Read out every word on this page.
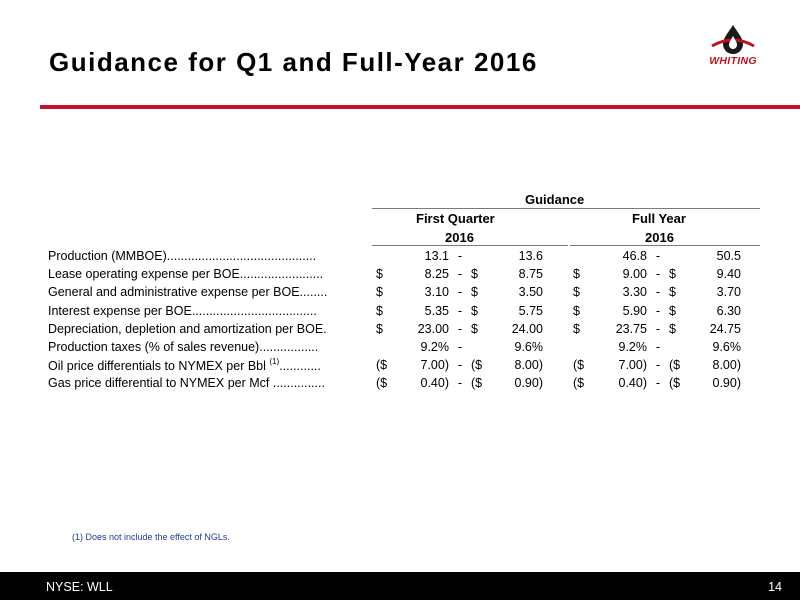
Guidance for Q1 and Full-Year 2016	WHITING
Guidance
First Quarter
2016
Full Year
2016
Production (MMBOE)...........................................		13.1	-		13.6			46.8	-		50.5
Lease operating expense per BOE........................	$	8.25	-	$	8.75		$	9.00	-	$	9.40
General and administrative expense per BOE........	$	3.10	-	$	3.50		$	3.30	-	$	3.70
Interest expense per BOE....................................	$	5.35	-	$	5.75		$	5.90	-	$	6.30
Depreciation, depletion and amortization per BOE.	$	23.00	-	$	24.00		$	23.75	-	$	24.75
Production taxes (% of sales revenue).................		9.2%	-		9.6%			9.2%	-		9.6%
Oil price differentials to NYMEX per Bbl $^{(1)}$............	($	7.00)	-	($	8.00)		($	7.00)	-	($	8.00)
Gas price differential to NYMEX per Mcf ...............	($	0.40)	-	($	0.90)		($	0.40)	-	($	0.90)
(1) Does not include the effect of NGLs.
NYSE: WLL	14
